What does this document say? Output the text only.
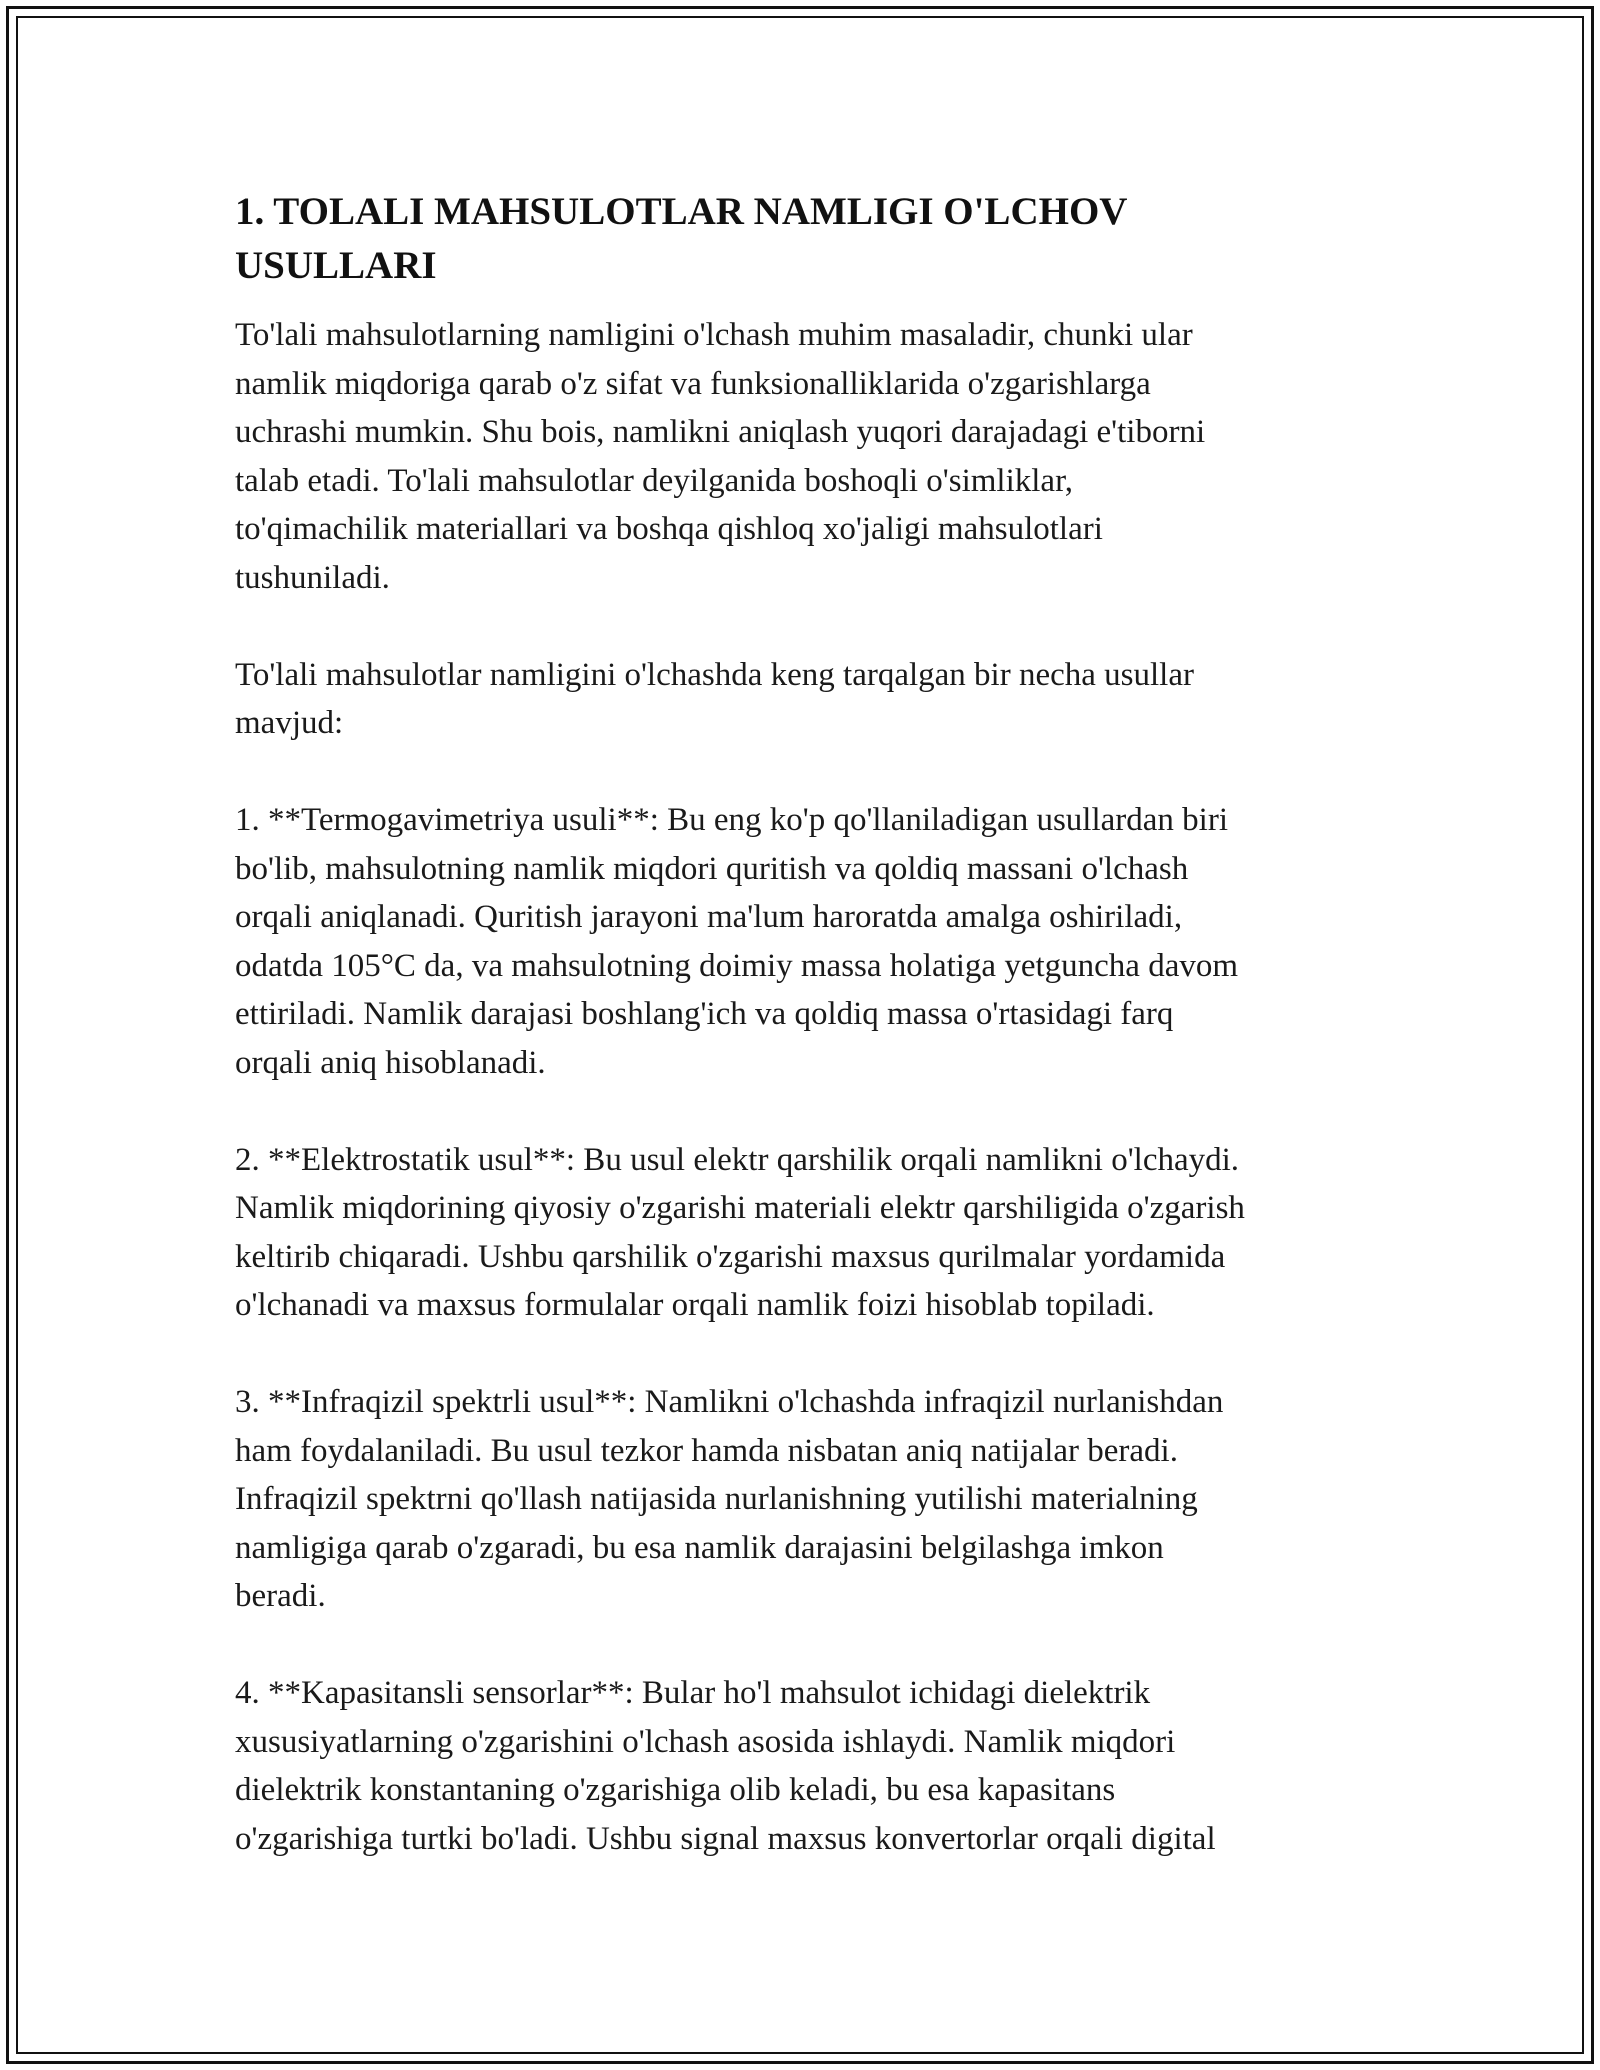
1. TOLALI MAHSULOTLAR NAMLIGI O'LCHOV
USULLARI

To'lali mahsulotlarning namligini o'lchash muhim masaladir, chunki ular
namlik miqdoriga qarab o'z sifat va funksionalliklarida o'zgarishlarga
uchrashi mumkin. Shu bois, namlikni aniqlash yuqori darajadagi e'tiborni
talab etadi. To'lali mahsulotlar deyilganida boshoqli o'simliklar,
to'qimachilik materiallari va boshqa qishloq xo'jaligi mahsulotlari
tushuniladi.

To'lali mahsulotlar namligini o'lchashda keng tarqalgan bir necha usullar
mavjud:

1. **Termogavimetriya usuli**: Bu eng ko'p qo'llaniladigan usullardan biri
bo'lib, mahsulotning namlik miqdori quritish va qoldiq massani o'lchash
orqali aniqlanadi. Quritish jarayoni ma'lum haroratda amalga oshiriladi,
odatda 105°C da, va mahsulotning doimiy massa holatiga yetguncha davom
ettiriladi. Namlik darajasi boshlang'ich va qoldiq massa o'rtasidagi farq
orqali aniq hisoblanadi.

2. **Elektrostatik usul**: Bu usul elektr qarshilik orqali namlikni o'lchaydi.
Namlik miqdorining qiyosiy o'zgarishi materiali elektr qarshiligida o'zgarish
keltirib chiqaradi. Ushbu qarshilik o'zgarishi maxsus qurilmalar yordamida
o'lchanadi va maxsus formulalar orqali namlik foizi hisoblab topiladi.

3. **Infraqizil spektrli usul**: Namlikni o'lchashda infraqizil nurlanishdan
ham foydalaniladi. Bu usul tezkor hamda nisbatan aniq natijalar beradi.
Infraqizil spektrni qo'llash natijasida nurlanishning yutilishi materialning
namligiga qarab o'zgaradi, bu esa namlik darajasini belgilashga imkon
beradi.

4. **Kapasitansli sensorlar**: Bular ho'l mahsulot ichidagi dielektrik
xususiyatlarning o'zgarishini o'lchash asosida ishlaydi. Namlik miqdori
dielektrik konstantaning o'zgarishiga olib keladi, bu esa kapasitans
o'zgarishiga turtki bo'ladi. Ushbu signal maxsus konvertorlar orqali digital
